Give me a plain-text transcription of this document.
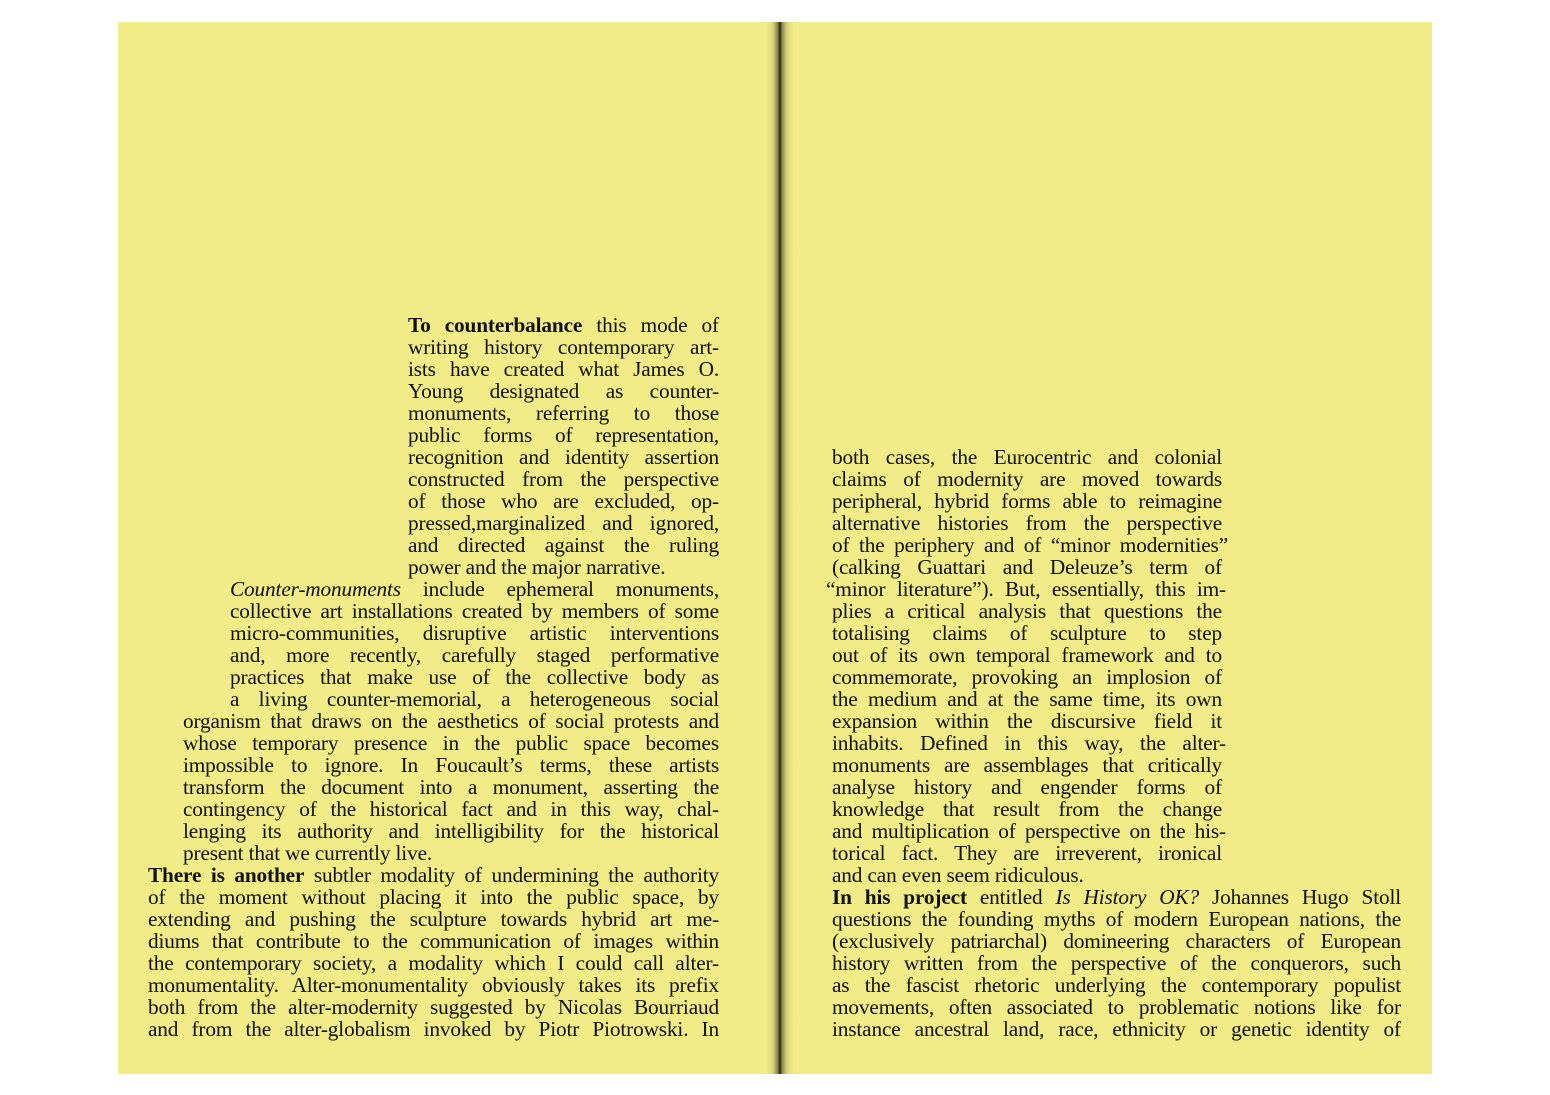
To counterbalance this mode of
writing history contemporary art-
ists have created what James O.
Young designated as counter-
monuments, referring to those
public forms of representation,
recognition and identity assertion
constructed from the perspective
of those who are excluded, op-
pressed,marginalized and ignored,
and directed against the ruling
power and the major narrative.
Counter-monuments include ephemeral monuments,
collective art installations created by members of some
micro-communities, disruptive artistic interventions
and, more recently, carefully staged performative
practices that make use of the collective body as
a living counter-memorial, a heterogeneous social
organism that draws on the aesthetics of social protests and
whose temporary presence in the public space becomes
impossible to ignore. In Foucault’s terms, these artists
transform the document into a monument, asserting the
contingency of the historical fact and in this way, chal-
lenging its authority and intelligibility for the historical
present that we currently live.
There is another subtler modality of undermining the authority
of the moment without placing it into the public space, by
extending and pushing the sculpture towards hybrid art me-
diums that contribute to the communication of images within
the contemporary society, a modality which I could call alter-
monumentality. Alter-monumentality obviously takes its prefix
both from the alter-modernity suggested by Nicolas Bourriaud
and from the alter-globalism invoked by Piotr Piotrowski. In
both cases, the Eurocentric and colonial
claims of modernity are moved towards
peripheral, hybrid forms able to reimagine
alternative histories from the perspective
of the periphery and of “minor modernities”
(calking Guattari and Deleuze’s term of
“minor literature”). But, essentially, this im-
plies a critical analysis that questions the
totalising claims of sculpture to step
out of its own temporal framework and to
commemorate, provoking an implosion of
the medium and at the same time, its own
expansion within the discursive field it
inhabits. Defined in this way, the alter-
monuments are assemblages that critically
analyse history and engender forms of
knowledge that result from the change
and multiplication of perspective on the his-
torical fact. They are irreverent, ironical
and can even seem ridiculous.
In his project entitled Is History OK? Johannes Hugo Stoll
questions the founding myths of modern European nations, the
(exclusively patriarchal) domineering characters of European
history written from the perspective of the conquerors, such
as the fascist rhetoric underlying the contemporary populist
movements, often associated to problematic notions like for
instance ancestral land, race, ethnicity or genetic identity of
